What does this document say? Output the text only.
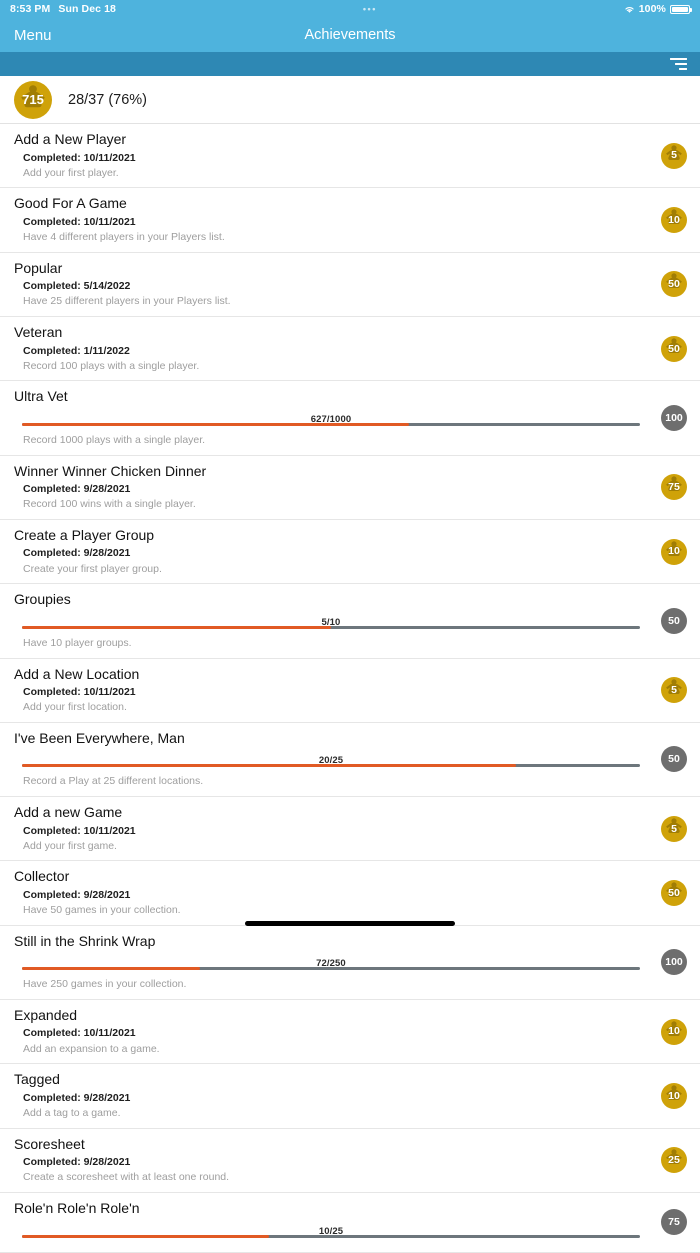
8:53 PM Sun Dec 18	•••	100%
Menu	Achievements
715 28/37 (76%)
Add a New Player
Completed: 10/11/2021
Add your first player.
5
Good For A Game
Completed: 10/11/2021
Have 4 different players in your Players list.
10
Popular
Completed: 5/14/2022
Have 25 different players in your Players list.
50
Veteran
Completed: 1/11/2022
Record 100 plays with a single player.
50
Ultra Vet
627/1000
Record 1000 plays with a single player.
100
Winner Winner Chicken Dinner
Completed: 9/28/2021
Record 100 wins with a single player.
75
Create a Player Group
Completed: 9/28/2021
Create your first player group.
10
Groupies
5/10
Have 10 player groups.
50
Add a New Location
Completed: 10/11/2021
Add your first location.
5
I've Been Everywhere, Man
20/25
Record a Play at 25 different locations.
50
Add a new Game
Completed: 10/11/2021
Add your first game.
5
Collector
Completed: 9/28/2021
Have 50 games in your collection.
50
Still in the Shrink Wrap
72/250
Have 250 games in your collection.
100
Expanded
Completed: 10/11/2021
Add an expansion to a game.
10
Tagged
Completed: 9/28/2021
Add a tag to a game.
10
Scoresheet
Completed: 9/28/2021
Create a scoresheet with at least one round.
25
Role'n Role'n Role'n
10/25
75
